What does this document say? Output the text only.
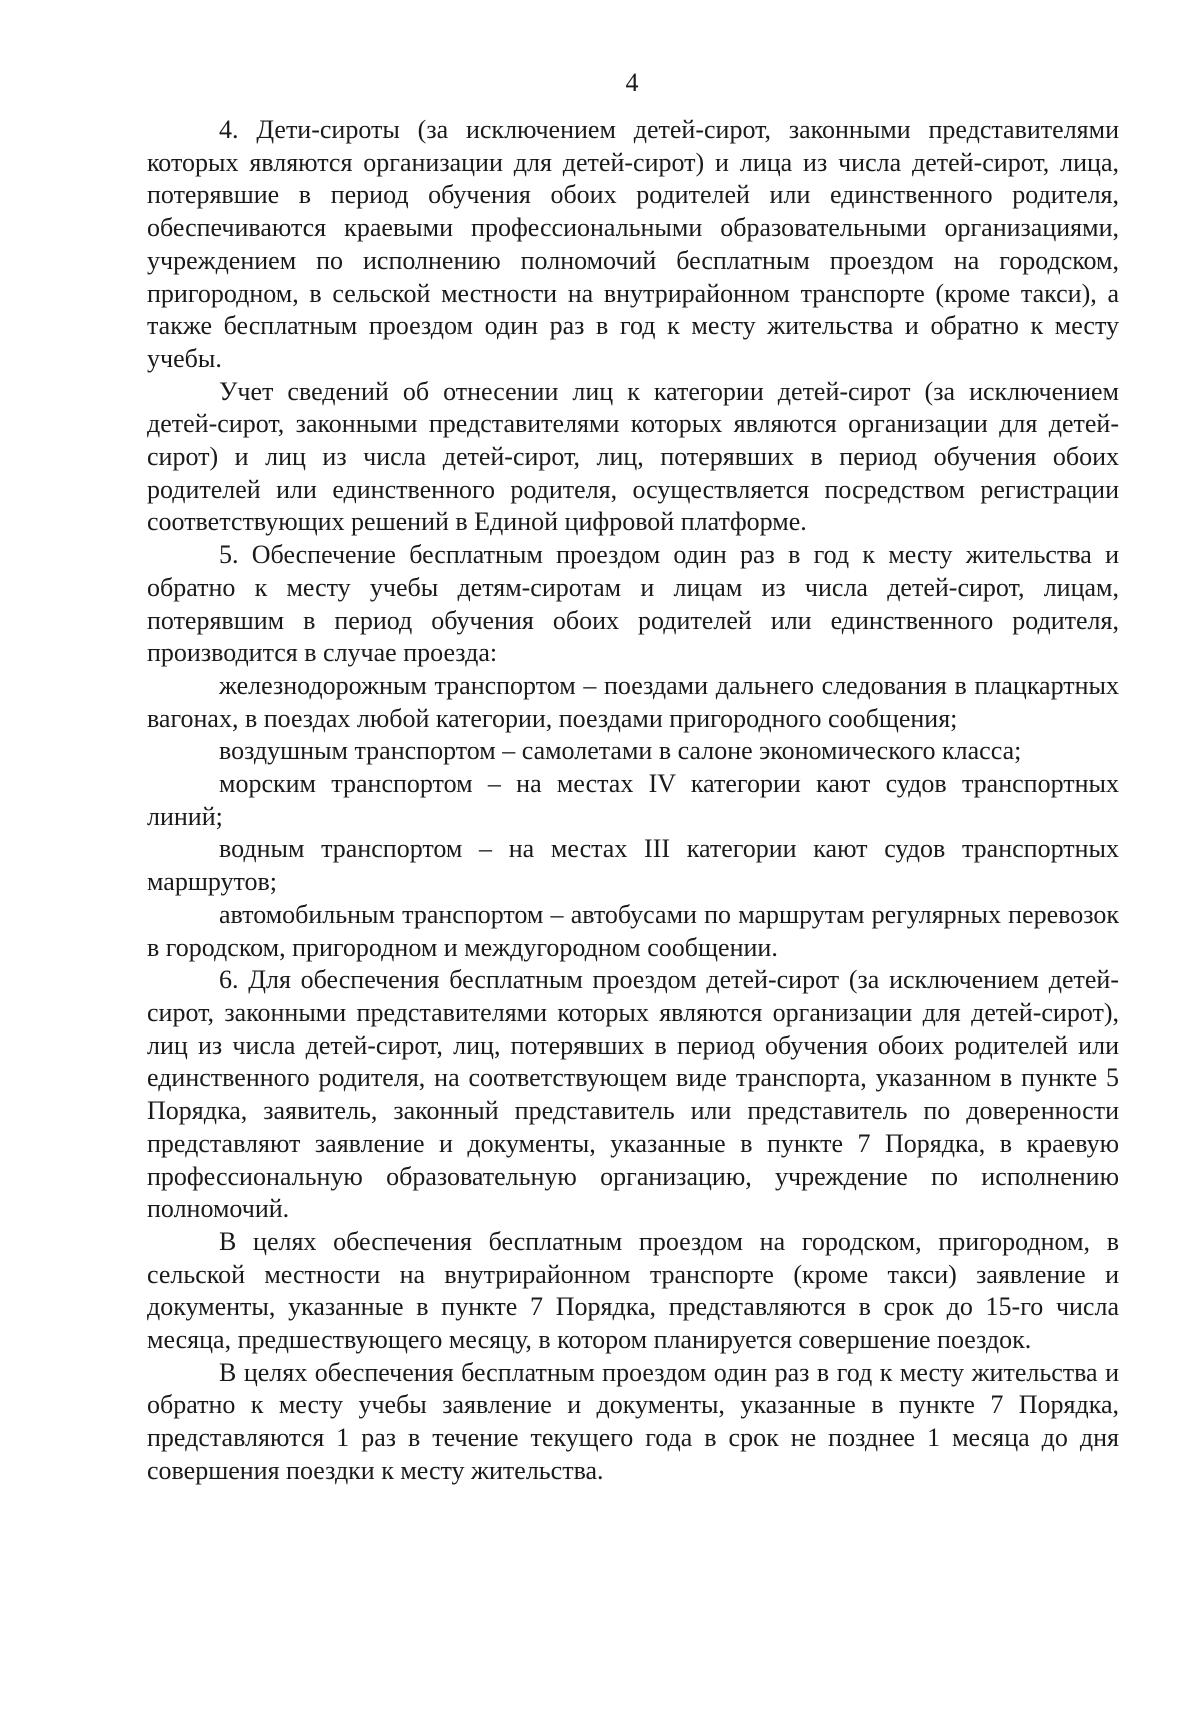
4

4. Дети-сироты (за исключением детей-сирот, законными представителями которых являются организации для детей-сирот) и лица из числа детей-сирот, лица, потерявшие в период обучения обоих родителей или единственного родителя, обеспечиваются краевыми профессиональными образовательными организациями, учреждением по исполнению полномочий бесплатным проездом на городском, пригородном, в сельской местности на внутрирайонном транспорте (кроме такси), а также бесплатным проездом один раз в год к месту жительства и обратно к месту учебы.

Учет сведений об отнесении лиц к категории детей-сирот (за исключением детей-сирот, законными представителями которых являются организации для детей-сирот) и лиц из числа детей-сирот, лиц, потерявших в период обучения обоих родителей или единственного родителя, осуществляется посредством регистрации соответствующих решений в Единой цифровой платформе.

5. Обеспечение бесплатным проездом один раз в год к месту жительства и обратно к месту учебы детям-сиротам и лицам из числа детей-сирот, лицам, потерявшим в период обучения обоих родителей или единственного родителя, производится в случае проезда:

железнодорожным транспортом – поездами дальнего следования в плацкартных вагонах, в поездах любой категории, поездами пригородного сообщения;

воздушным транспортом – самолетами в салоне экономического класса;

морским транспортом – на местах IV категории кают судов транспортных линий;

водным транспортом – на местах III категории кают судов транспортных маршрутов;

автомобильным транспортом – автобусами по маршрутам регулярных перевозок в городском, пригородном и междугородном сообщении.

6. Для обеспечения бесплатным проездом детей-сирот (за исключением детей-сирот, законными представителями которых являются организации для детей-сирот), лиц из числа детей-сирот, лиц, потерявших в период обучения обоих родителей или единственного родителя, на соответствующем виде транспорта, указанном в пункте 5 Порядка, заявитель, законный представитель или представитель по доверенности представляют заявление и документы, указанные в пункте 7 Порядка, в краевую профессиональную образовательную организацию, учреждение по исполнению полномочий.

В целях обеспечения бесплатным проездом на городском, пригородном, в сельской местности на внутрирайонном транспорте (кроме такси) заявление и документы, указанные в пункте 7 Порядка, представляются в срок до 15-го числа месяца, предшествующего месяцу, в котором планируется совершение поездок.

В целях обеспечения бесплатным проездом один раз в год к месту жительства и обратно к месту учебы заявление и документы, указанные в пункте 7 Порядка, представляются 1 раз в течение текущего года в срок не позднее 1 месяца до дня совершения поездки к месту жительства.
